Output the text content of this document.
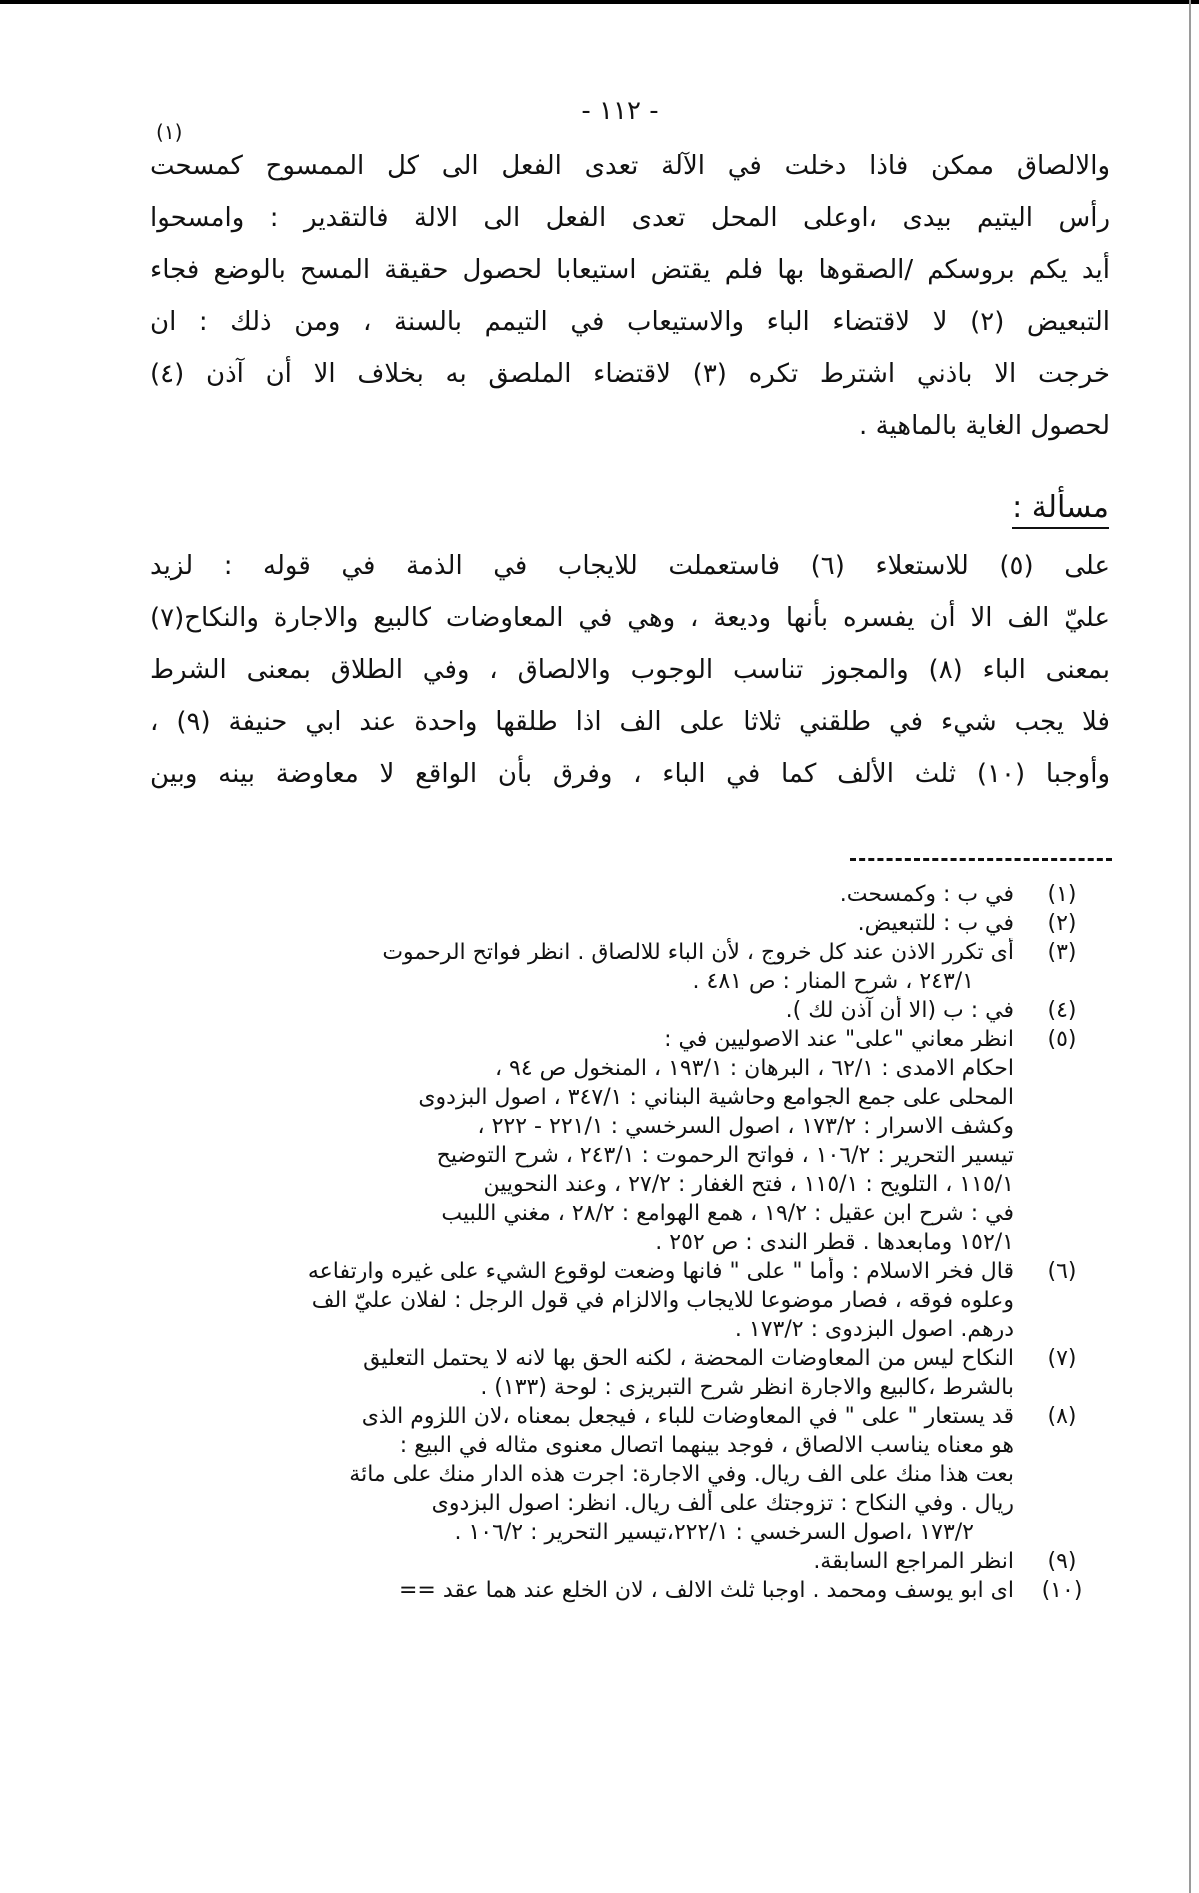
- ١١٢ -
(١)
والالصاق ممكن فاذا دخلت في الآلة تعدى الفعل الى كل الممسوح كمسحت
رأس اليتيم بيدى ،اوعلى المحل تعدى الفعل الى الالة فالتقدير : وامسحوا
أيد يكم بروسكم /الصقوها بها فلم يقتض استيعابا لحصول حقيقة المسح بالوضع فجاء
التبعيض (٢) لا لاقتضاء الباء والاستيعاب في التيمم بالسنة ، ومن ذلك : ان
خرجت الا باذني اشترط تكره (٣) لاقتضاء الملصق به بخلاف الا أن آذن (٤)
لحصول الغاية بالماهية .
مسألة :
على (٥) للاستعلاء (٦) فاستعملت للايجاب في الذمة في قوله : لزيد
عليّ الف الا أن يفسره بأنها وديعة ، وهي في المعاوضات كالبيع والاجارة والنكاح(٧)
بمعنى الباء (٨) والمجوز تناسب الوجوب والالصاق ، وفي الطلاق بمعنى الشرط
فلا يجب شيء في طلقني ثلاثا على الف اذا طلقها واحدة عند ابي حنيفة (٩) ،
وأوجبا (١٠) ثلث الألف كما في الباء ، وفرق بأن الواقع لا معاوضة بينه وبين
(١)
في ب : وكمسحت.
(٢)
في ب : للتبعيض.
(٣)
أى تكرر الاذن عند كل خروج ، لأن الباء للالصاق . انظر فواتح الرحموت
٢٤٣/١ ، شرح المنار : ص ٤٨١ .
(٤)
في : ب (الا أن آذن لك ).
(٥)
انظر معاني "على" عند الاصوليين في :
احكام الامدى : ٦٢/١ ، البرهان : ١٩٣/١ ، المنخول ص ٩٤ ،
المحلى على جمع الجوامع وحاشية البناني : ٣٤٧/١ ، اصول البزدوى
وكشف الاسرار : ١٧٣/٢ ، اصول السرخسي : ٢٢١/١ - ٢٢٢ ،
تيسير التحرير : ١٠٦/٢ ، فواتح الرحموت : ٢٤٣/١ ، شرح التوضيح
١١٥/١ ، التلويح : ١١٥/١ ، فتح الغفار : ٢٧/٢ ، وعند النحويين
في : شرح ابن عقيل : ١٩/٢ ، همع الهوامع : ٢٨/٢ ، مغني اللبيب
١٥٢/١ ومابعدها . قطر الندى : ص ٢٥٢ .
(٦)
قال فخر الاسلام : وأما " على " فانها وضعت لوقوع الشيء على غيره وارتفاعه
وعلوه فوقه ، فصار موضوعا للايجاب والالزام في قول الرجل : لفلان عليّ الف
درهم. اصول البزدوى : ١٧٣/٢ .
(٧)
النكاح ليس من المعاوضات المحضة ، لكنه الحق بها لانه لا يحتمل التعليق
بالشرط ،كالبيع والاجارة انظر شرح التبريزى : لوحة (١٣٣) .
(٨)
قد يستعار " على " في المعاوضات للباء ، فيجعل بمعناه ،لان اللزوم الذى
هو معناه يناسب الالصاق ، فوجد بينهما اتصال معنوى مثاله في البيع :
بعت هذا منك على الف ريال. وفي الاجارة: اجرت هذه الدار منك على مائة
ريال . وفي النكاح : تزوجتك على ألف ريال. انظر: اصول البزدوى
١٧٣/٢ ،اصول السرخسي : ٢٢٢/١،تيسير التحرير : ١٠٦/٢ .
(٩)
انظر المراجع السابقة.
(١٠)
اى ابو يوسف ومحمد . اوجبا ثلث الالف ، لان الخلع عند هما عقد ==
